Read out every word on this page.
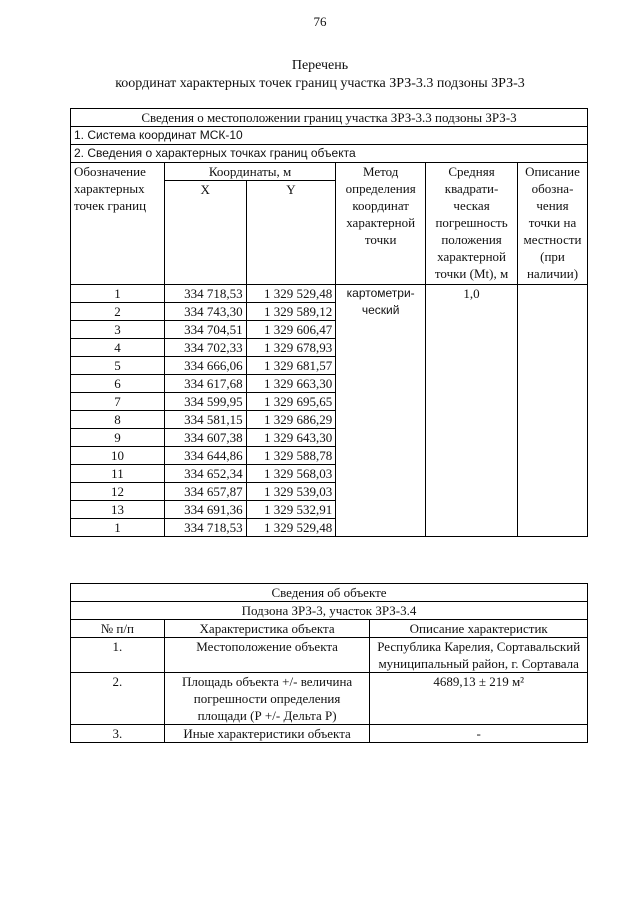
76
Перечень
координат характерных точек границ участка ЗРЗ-3.3 подзоны ЗРЗ-3
Сведения о местоположении границ участка ЗРЗ-3.3 подзоны ЗРЗ-3					
1. Система координат МСК-10					
2. Сведения о характерных точках границ объекта					
Обозначение характерных точек границ	Координаты, м		Метод определения координат характерной точки	Средняя квадрати-ческая погрешность положения характерной точки (Mt), м	Описание обозна-чения точки на местности (при наличии)
	X	Y			
1	334 718,53	1 329 529,48	картометри-ческий	1,0	
2	334 743,30	1 329 589,12			
3	334 704,51	1 329 606,47			
4	334 702,33	1 329 678,93			
5	334 666,06	1 329 681,57			
6	334 617,68	1 329 663,30			
7	334 599,95	1 329 695,65			
8	334 581,15	1 329 686,29			
9	334 607,38	1 329 643,30			
10	334 644,86	1 329 588,78			
11	334 652,34	1 329 568,03			
12	334 657,87	1 329 539,03			
13	334 691,36	1 329 532,91			
1	334 718,53	1 329 529,48			
Сведения об объекте		
Подзона ЗРЗ-3, участок ЗРЗ-3.4		
№ п/п	Характеристика объекта	Описание характеристик
1.	Местоположение объекта	Республика Карелия, Сортавальский муниципальный район, г. Сортавала
2.	Площадь объекта +/- величина погрешности определения площади (Р +/- Дельта Р)	4689,13 ± 219 м²
3.	Иные характеристики объекта	-
